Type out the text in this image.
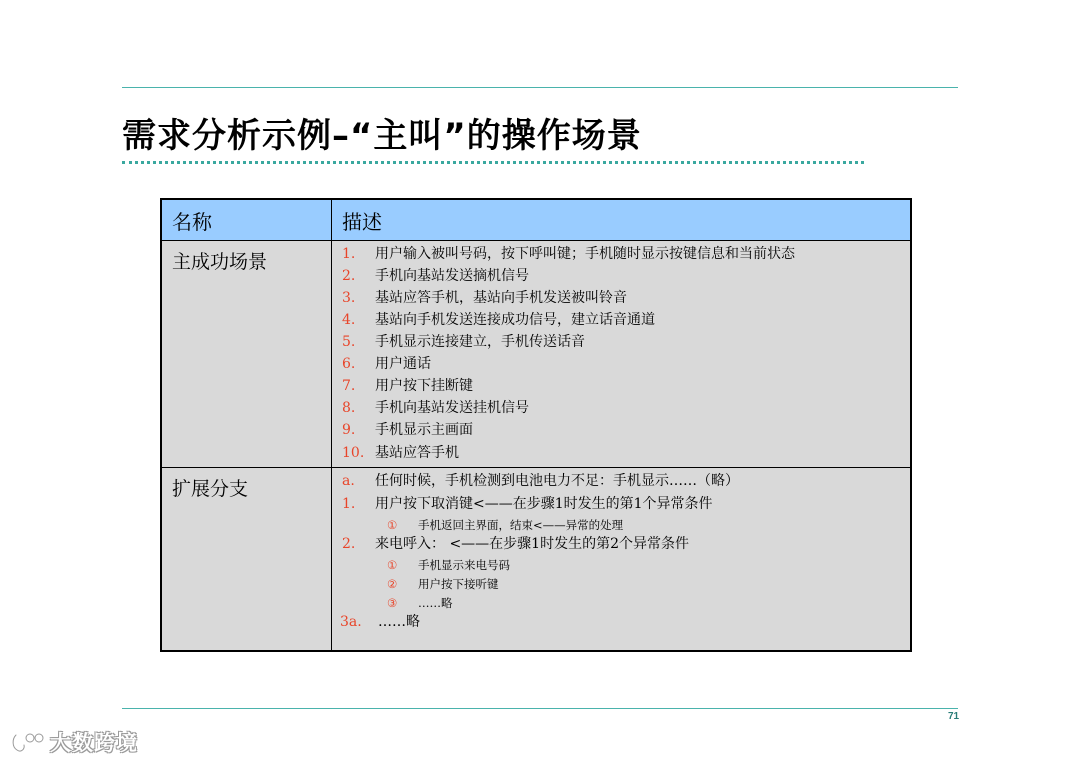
需求分析示例–“主叫”的操作场景
名称	描述
主成功场景
扩展分支
1. 用户输入被叫号码，按下呼叫键；手机随时显示按键信息和当前状态
2. 手机向基站发送摘机信号
3. 基站应答手机，基站向手机发送被叫铃音
4. 基站向手机发送连接成功信号，建立话音通道
5. 手机显示连接建立，手机传送话音
6. 用户通话
7. 用户按下挂断键
8. 手机向基站发送挂机信号
9. 手机显示主画面
10. 基站应答手机
a. 任何时候，手机检测到电池电力不足：手机显示……（略）
1. 用户按下取消键<——在步骤1时发生的第1个异常条件
① 手机返回主界面，结束<——异常的处理
2. 来电呼入： <——在步骤1时发生的第2个异常条件
① 手机显示来电号码
② 用户按下接听键
③ ……略
3a. ……略
71
大数跨境
